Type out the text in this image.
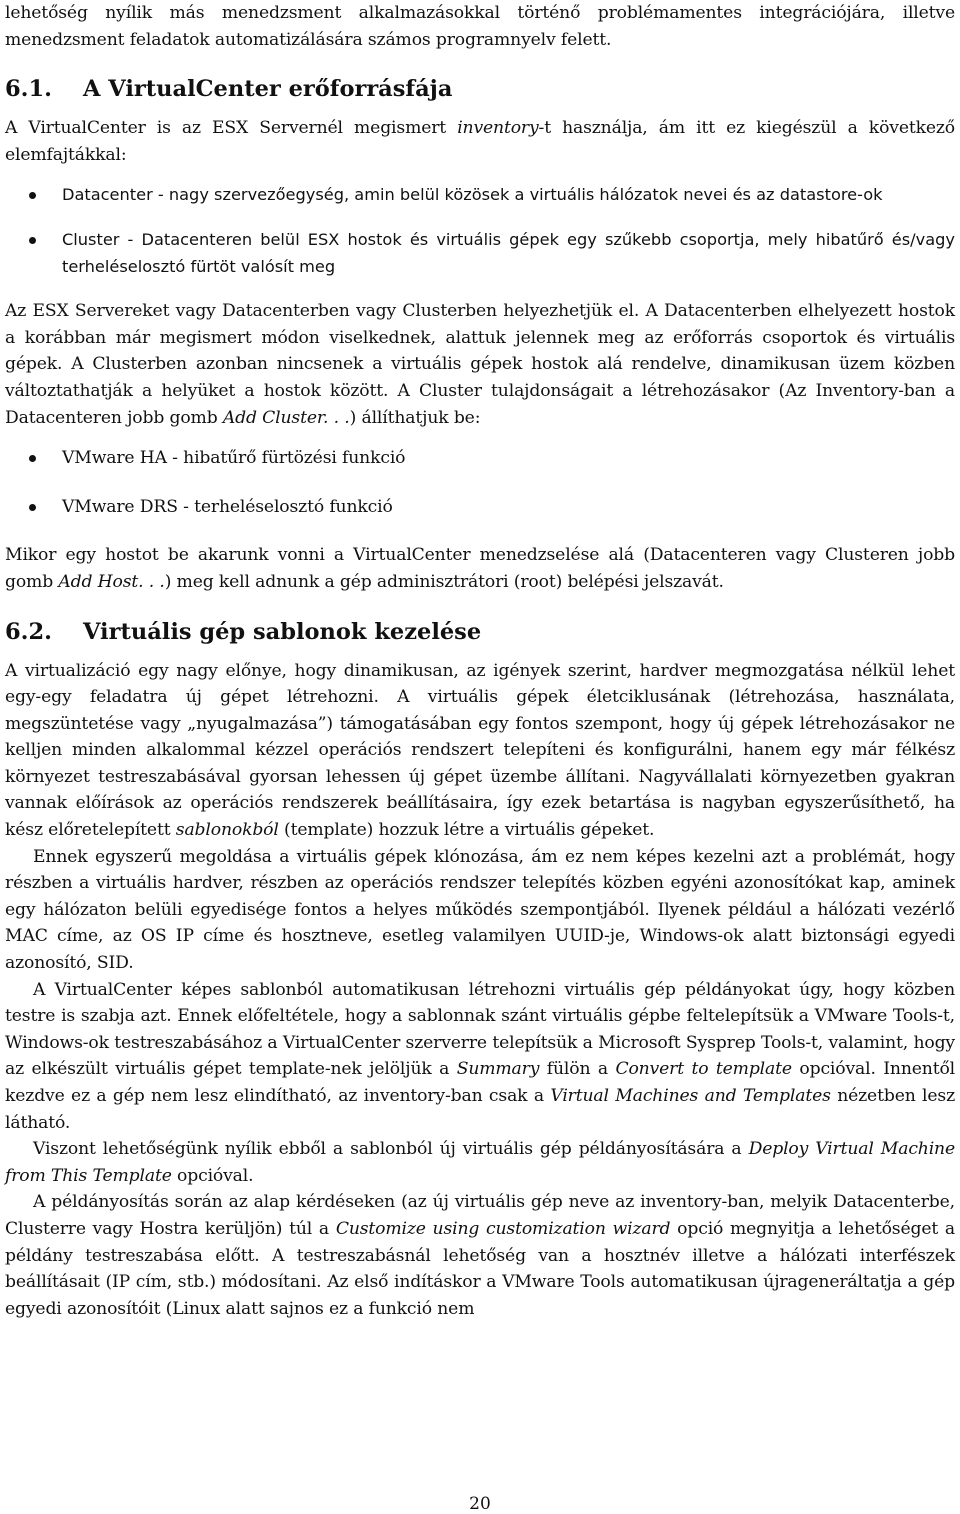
lehetőség nyílik más menedzsment alkalmazásokkal történő problémamentes integrációjára, illetve menedzsment feladatok automatizálására számos programnyelv felett.

6.1. A VirtualCenter erőforrásfája

A VirtualCenter is az ESX Servernél megismert inventory-t használja, ám itt ez kiegészül a következő elemfajtákkal:

Datacenter - nagy szervezőegység, amin belül közösek a virtuális hálózatok nevei és az datastore-ok
Cluster - Datacenteren belül ESX hostok és virtuális gépek egy szűkebb csoportja, mely hibatűrő és/vagy terheléselosztó fürtöt valósít meg

Az ESX Servereket vagy Datacenterben vagy Clusterben helyezhetjük el. A Datacenterben elhelyezett hostok a korábban már megismert módon viselkednek, alattuk jelennek meg az erőforrás csoportok és virtuális gépek. A Clusterben azonban nincsenek a virtuális gépek hostok alá rendelve, dinamikusan üzem közben változtathatják a helyüket a hostok között. A Cluster tulajdonságait a létrehozásakor (Az Inventory-ban a Datacenteren jobb gomb Add Cluster. . .) állíthatjuk be:

VMware HA - hibatűrő fürtözési funkció
VMware DRS - terheléselosztó funkció

Mikor egy hostot be akarunk vonni a VirtualCenter menedzselése alá (Datacenteren vagy Clusteren jobb gomb Add Host. . .) meg kell adnunk a gép adminisztrátori (root) belépési jelszavát.

6.2. Virtuális gép sablonok kezelése

A virtualizáció egy nagy előnye, hogy dinamikusan, az igények szerint, hardver megmozgatása nélkül lehet egy-egy feladatra új gépet létrehozni. A virtuális gépek életciklusának (létrehozása, használata, megszüntetése vagy „nyugalmazása”) támogatásában egy fontos szempont, hogy új gépek létrehozásakor ne kelljen minden alkalommal kézzel operációs rendszert telepíteni és konfigurálni, hanem egy már félkész környezet testreszabásával gyorsan lehessen új gépet üzembe állítani. Nagyvállalati környezetben gyakran vannak előírások az operációs rendszerek beállításaira, így ezek betartása is nagyban egyszerűsíthető, ha kész előretelepített sablonokból (template) hozzuk létre a virtuális gépeket.

Ennek egyszerű megoldása a virtuális gépek klónozása, ám ez nem képes kezelni azt a problémát, hogy részben a virtuális hardver, részben az operációs rendszer telepítés közben egyéni azonosítókat kap, aminek egy hálózaton belüli egyedisége fontos a helyes működés szempontjából. Ilyenek például a hálózati vezérlő MAC címe, az OS IP címe és hosztneve, esetleg valamilyen UUID-je, Windows-ok alatt biztonsági egyedi azonosító, SID.

A VirtualCenter képes sablonból automatikusan létrehozni virtuális gép példányokat úgy, hogy közben testre is szabja azt. Ennek előfeltétele, hogy a sablonnak szánt virtuális gépbe feltelepítsük a VMware Tools-t, Windows-ok testreszabásához a VirtualCenter szerverre telepítsük a Microsoft Sysprep Tools-t, valamint, hogy az elkészült virtuális gépet template-nek jelöljük a Summary fülön a Convert to template opcióval. Innentől kezdve ez a gép nem lesz elindítható, az inventory-ban csak a Virtual Machines and Templates nézetben lesz látható.

Viszont lehetőségünk nyílik ebből a sablonból új virtuális gép példányosítására a Deploy Virtual Machine from This Template opcióval.

A példányosítás során az alap kérdéseken (az új virtuális gép neve az inventory-ban, melyik Datacenterbe, Clusterre vagy Hostra kerüljön) túl a Customize using customization wizard opció megnyitja a lehetőséget a példány testreszabása előtt. A testreszabásnál lehetőség van a hosztnév illetve a hálózati interfészek beállításait (IP cím, stb.) módosítani. Az első indításkor a VMware Tools automatikusan újrageneráltatja a gép egyedi azonosítóit (Linux alatt sajnos ez a funkció nem

20
